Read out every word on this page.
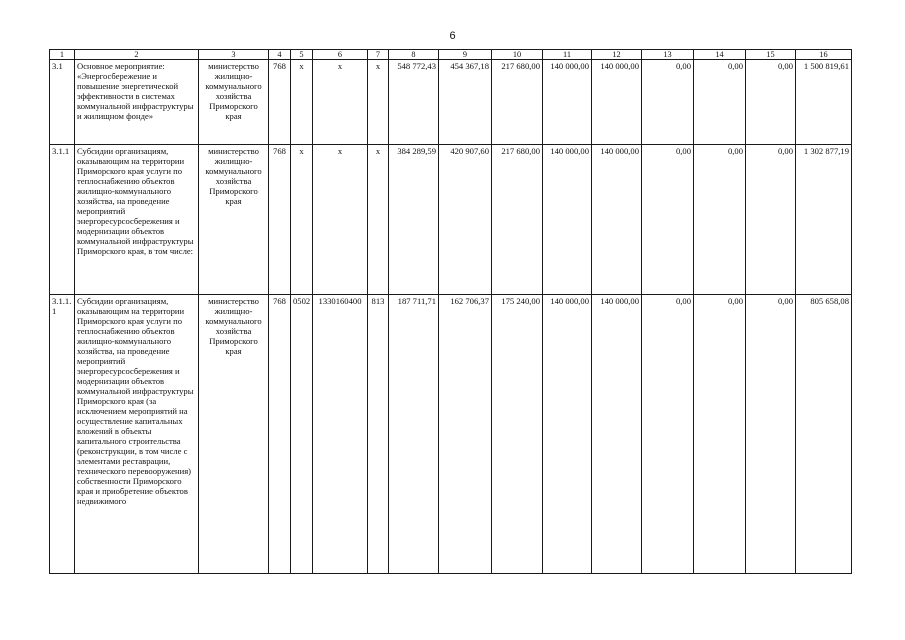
6
1	2	3	4	5	6	7	8	9	10	11	12	13	14	15	16
3.1	Основное мероприятие: «Энергосбережение и повышение энергетической эффективности в системах коммунальной инфраструктуры и жилищном фонде»	министерство жилищно-коммунального хозяйства Приморского края	768	х	х	х	548 772,43	454 367,18	217 680,00	140 000,00	140 000,00	0,00	0,00	0,00	1 500 819,61
3.1.1	Субсидии организациям, оказывающим на территории Приморского края услуги по теплоснабжению объектов жилищно-коммунального хозяйства, на проведение мероприятий энергоресурсосбережения и модернизации объектов коммунальной инфраструктуры Приморского края, в том числе:	министерство жилищно-коммунального хозяйства Приморского края	768	х	х	х	384 289,59	420 907,60	217 680,00	140 000,00	140 000,00	0,00	0,00	0,00	1 302 877,19
3.1.1.1	Субсидии организациям, оказывающим на территории Приморского края услуги по теплоснабжению объектов жилищно-коммунального хозяйства, на проведение мероприятий энергоресурсосбережения и модернизации объектов коммунальной инфраструктуры Приморского края (за исключением мероприятий на осуществление капитальных вложений в объекты капитального строительства (реконструкции, в том числе с элементами реставрации, технического перевооружения) собственности Приморского края и приобретение объектов недвижимого	министерство жилищно-коммунального хозяйства Приморского края	768	0502	1330160400	813	187 711,71	162 706,37	175 240,00	140 000,00	140 000,00	0,00	0,00	0,00	805 658,08
